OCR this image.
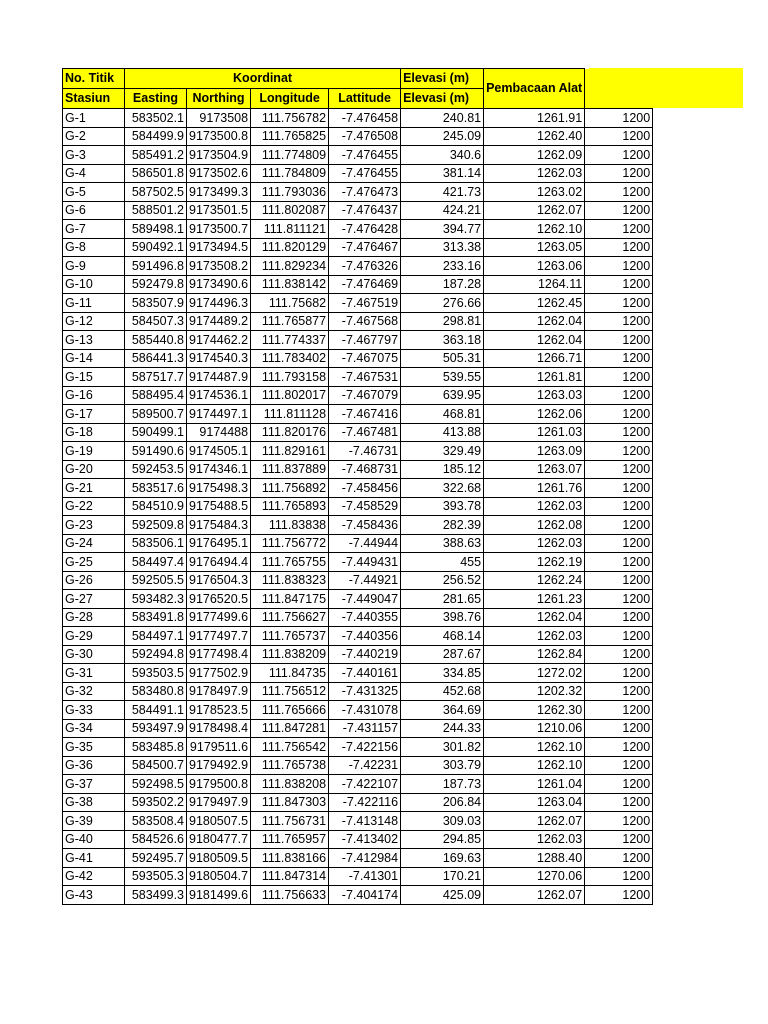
No. Titik	Koordinat				Elevasi (m)	Pembacaan Alat	
Stasiun	Easting	Northing	Longitude	Lattitude	Elevasi (m)		
G-1	583502.1	9173508	111.756782	-7.476458	240.81	1261.91	1200
G-2	584499.9	9173500.8	111.765825	-7.476508	245.09	1262.40	1200
G-3	585491.2	9173504.9	111.774809	-7.476455	340.6	1262.09	1200
G-4	586501.8	9173502.6	111.784809	-7.476455	381.14	1262.03	1200
G-5	587502.5	9173499.3	111.793036	-7.476473	421.73	1263.02	1200
G-6	588501.2	9173501.5	111.802087	-7.476437	424.21	1262.07	1200
G-7	589498.1	9173500.7	111.811121	-7.476428	394.77	1262.10	1200
G-8	590492.1	9173494.5	111.820129	-7.476467	313.38	1263.05	1200
G-9	591496.8	9173508.2	111.829234	-7.476326	233.16	1263.06	1200
G-10	592479.8	9173490.6	111.838142	-7.476469	187.28	1264.11	1200
G-11	583507.9	9174496.3	111.75682	-7.467519	276.66	1262.45	1200
G-12	584507.3	9174489.2	111.765877	-7.467568	298.81	1262.04	1200
G-13	585440.8	9174462.2	111.774337	-7.467797	363.18	1262.04	1200
G-14	586441.3	9174540.3	111.783402	-7.467075	505.31	1266.71	1200
G-15	587517.7	9174487.9	111.793158	-7.467531	539.55	1261.81	1200
G-16	588495.4	9174536.1	111.802017	-7.467079	639.95	1263.03	1200
G-17	589500.7	9174497.1	111.811128	-7.467416	468.81	1262.06	1200
G-18	590499.1	9174488	111.820176	-7.467481	413.88	1261.03	1200
G-19	591490.6	9174505.1	111.829161	-7.46731	329.49	1263.09	1200
G-20	592453.5	9174346.1	111.837889	-7.468731	185.12	1263.07	1200
G-21	583517.6	9175498.3	111.756892	-7.458456	322.68	1261.76	1200
G-22	584510.9	9175488.5	111.765893	-7.458529	393.78	1262.03	1200
G-23	592509.8	9175484.3	111.83838	-7.458436	282.39	1262.08	1200
G-24	583506.1	9176495.1	111.756772	-7.44944	388.63	1262.03	1200
G-25	584497.4	9176494.4	111.765755	-7.449431	455	1262.19	1200
G-26	592505.5	9176504.3	111.838323	-7.44921	256.52	1262.24	1200
G-27	593482.3	9176520.5	111.847175	-7.449047	281.65	1261.23	1200
G-28	583491.8	9177499.6	111.756627	-7.440355	398.76	1262.04	1200
G-29	584497.1	9177497.7	111.765737	-7.440356	468.14	1262.03	1200
G-30	592494.8	9177498.4	111.838209	-7.440219	287.67	1262.84	1200
G-31	593503.5	9177502.9	111.84735	-7.440161	334.85	1272.02	1200
G-32	583480.8	9178497.9	111.756512	-7.431325	452.68	1202.32	1200
G-33	584491.1	9178523.5	111.765666	-7.431078	364.69	1262.30	1200
G-34	593497.9	9178498.4	111.847281	-7.431157	244.33	1210.06	1200
G-35	583485.8	9179511.6	111.756542	-7.422156	301.82	1262.10	1200
G-36	584500.7	9179492.9	111.765738	-7.42231	303.79	1262.10	1200
G-37	592498.5	9179500.8	111.838208	-7.422107	187.73	1261.04	1200
G-38	593502.2	9179497.9	111.847303	-7.422116	206.84	1263.04	1200
G-39	583508.4	9180507.5	111.756731	-7.413148	309.03	1262.07	1200
G-40	584526.6	9180477.7	111.765957	-7.413402	294.85	1262.03	1200
G-41	592495.7	9180509.5	111.838166	-7.412984	169.63	1288.40	1200
G-42	593505.3	9180504.7	111.847314	-7.41301	170.21	1270.06	1200
G-43	583499.3	9181499.6	111.756633	-7.404174	425.09	1262.07	1200
